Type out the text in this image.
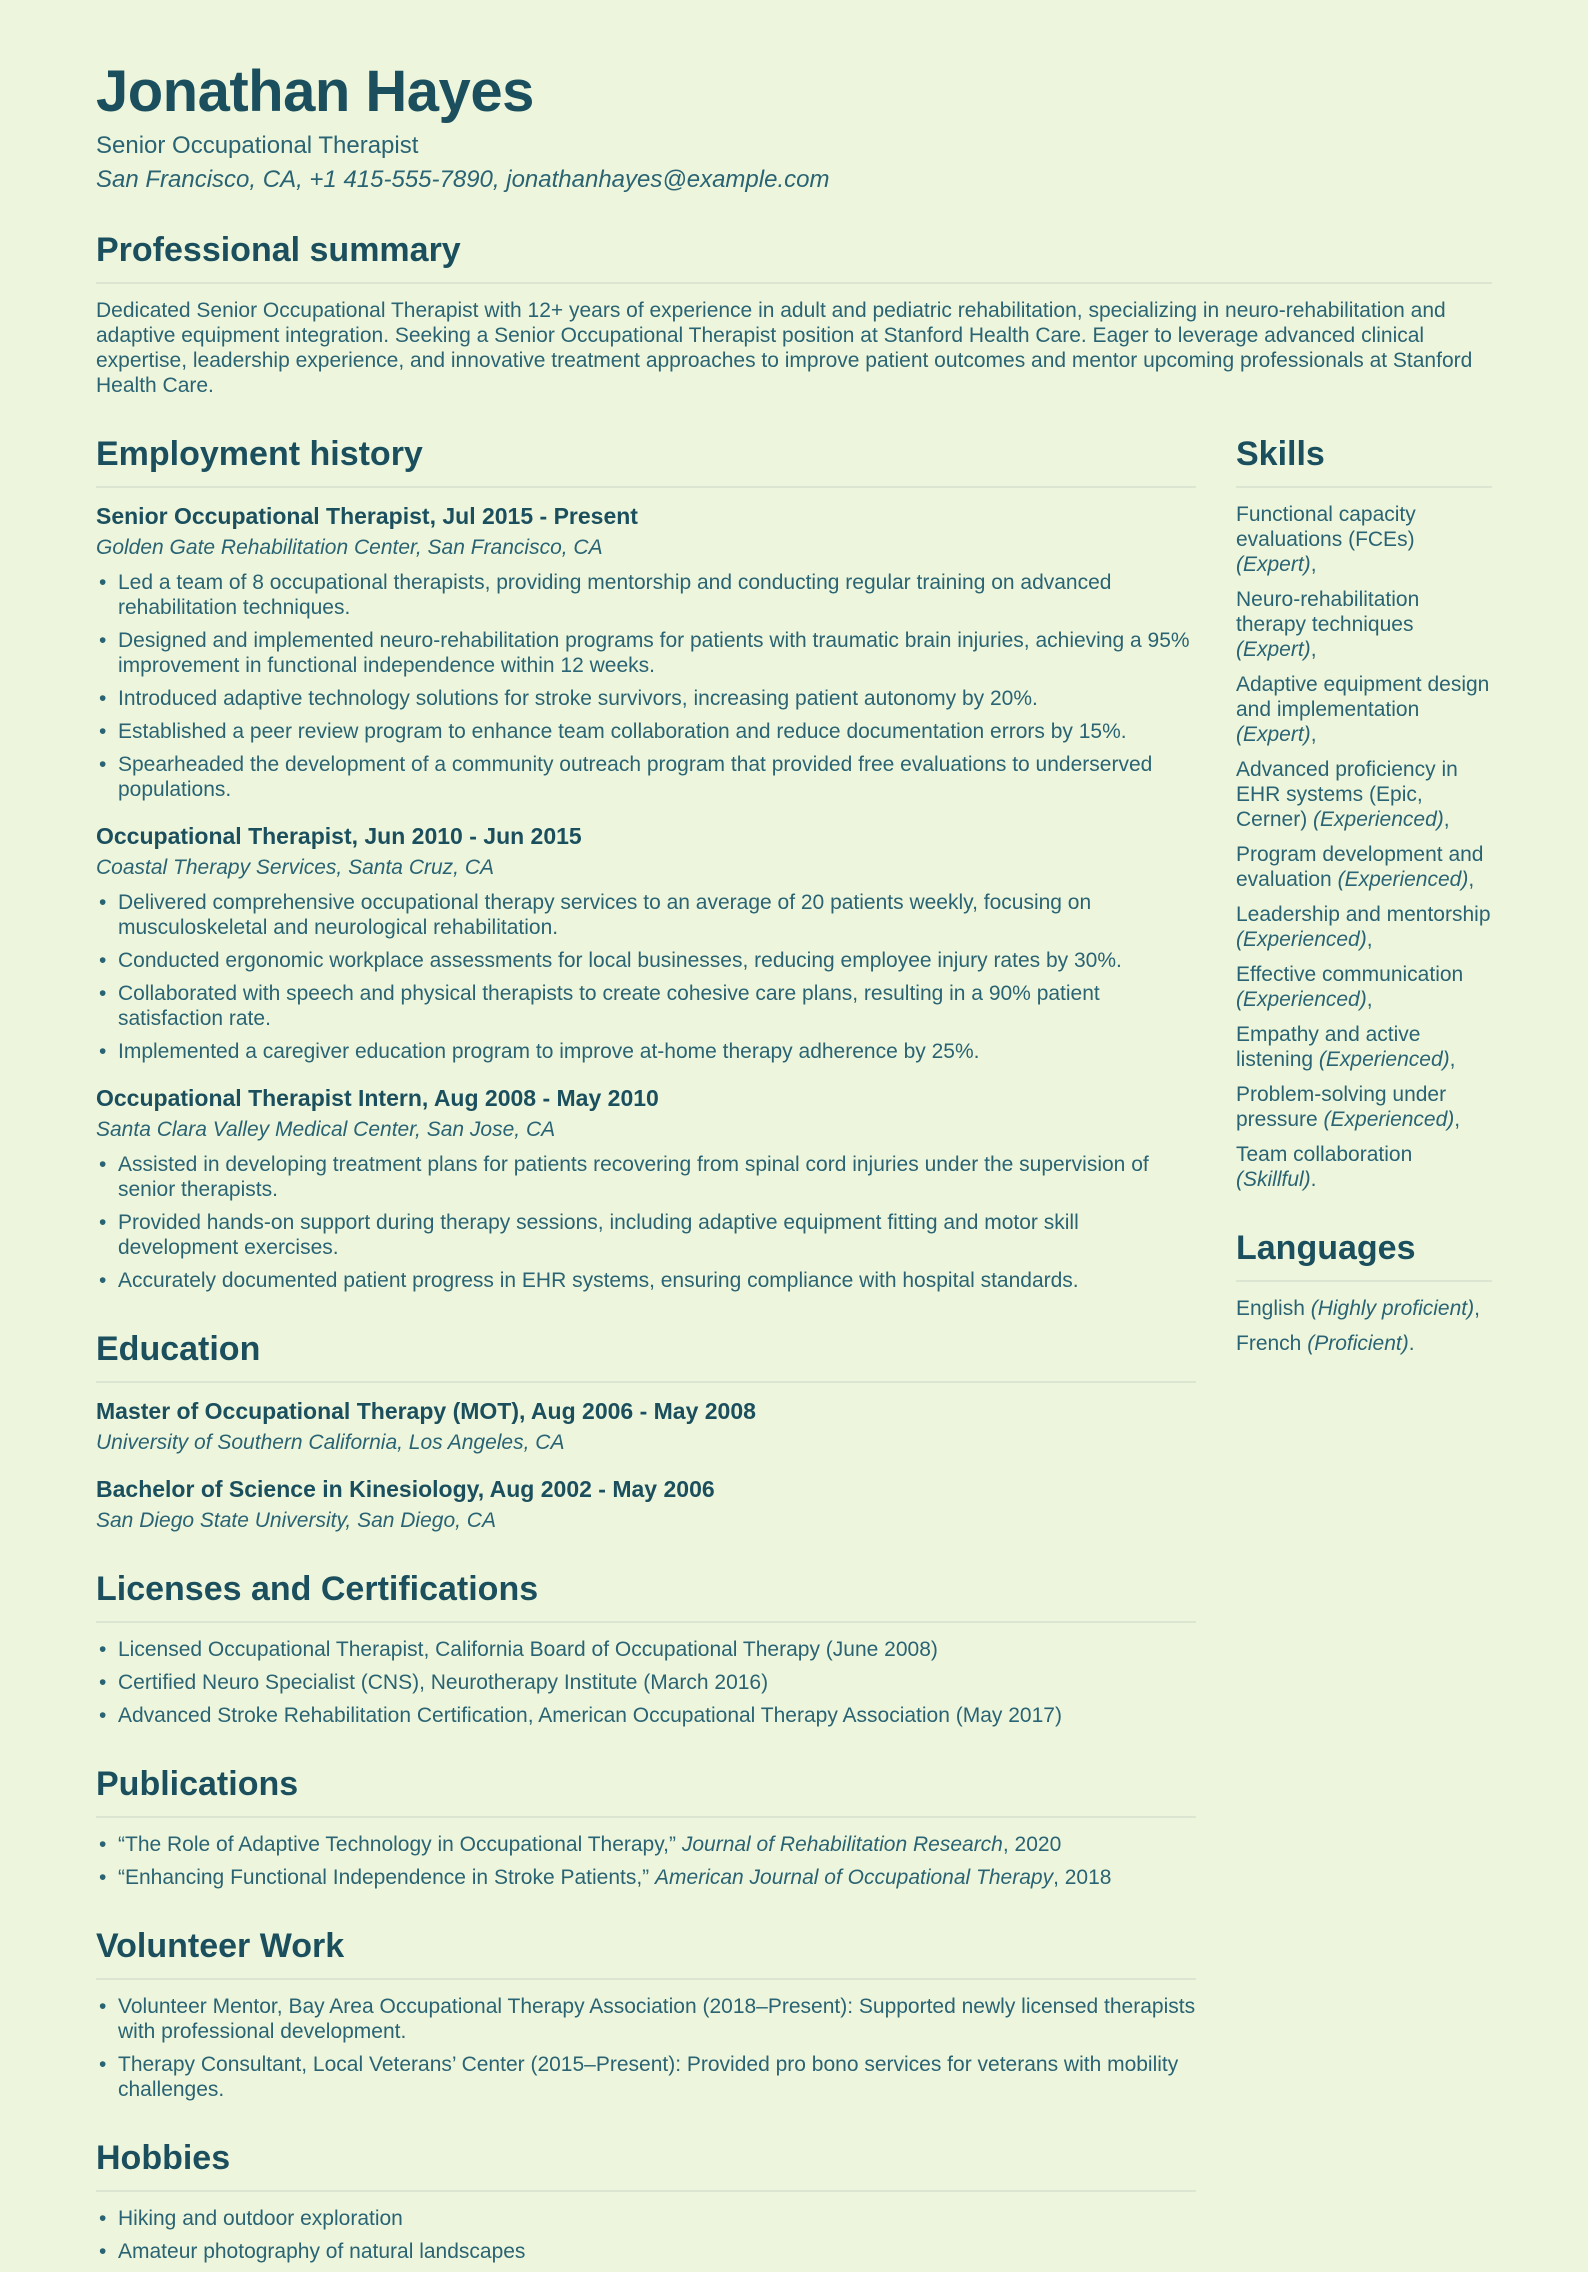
Jonathan Hayes
Senior Occupational Therapist
San Francisco, CA, +1 415-555-7890, jonathanhayes@example.com
Professional summary

Dedicated Senior Occupational Therapist with 12+ years of experience in adult and pediatric rehabilitation, specializing in neuro-rehabilitation and adaptive equipment integration. Seeking a Senior Occupational Therapist position at Stanford Health Care. Eager to leverage advanced clinical expertise, leadership experience, and innovative treatment approaches to improve patient outcomes and mentor upcoming professionals at Stanford Health Care.

Employment history
Senior Occupational Therapist, Jul 2015 - Present
Golden Gate Rehabilitation Center, San Francisco, CA
• Led a team of 8 occupational therapists, providing mentorship and conducting regular training on advanced rehabilitation techniques.
• Designed and implemented neuro-rehabilitation programs for patients with traumatic brain injuries, achieving a 95% improvement in functional independence within 12 weeks.
• Introduced adaptive technology solutions for stroke survivors, increasing patient autonomy by 20%.
• Established a peer review program to enhance team collaboration and reduce documentation errors by 15%.
• Spearheaded the development of a community outreach program that provided free evaluations to underserved populations.
Occupational Therapist, Jun 2010 - Jun 2015
Coastal Therapy Services, Santa Cruz, CA
• Delivered comprehensive occupational therapy services to an average of 20 patients weekly, focusing on musculoskeletal and neurological rehabilitation.
• Conducted ergonomic workplace assessments for local businesses, reducing employee injury rates by 30%.
• Collaborated with speech and physical therapists to create cohesive care plans, resulting in a 90% patient satisfaction rate.
• Implemented a caregiver education program to improve at-home therapy adherence by 25%.
Occupational Therapist Intern, Aug 2008 - May 2010
Santa Clara Valley Medical Center, San Jose, CA
• Assisted in developing treatment plans for patients recovering from spinal cord injuries under the supervision of senior therapists.
• Provided hands-on support during therapy sessions, including adaptive equipment fitting and motor skill development exercises.
• Accurately documented patient progress in EHR systems, ensuring compliance with hospital standards.
Education
Master of Occupational Therapy (MOT), Aug 2006 - May 2008
University of Southern California, Los Angeles, CA
Bachelor of Science in Kinesiology, Aug 2002 - May 2006
San Diego State University, San Diego, CA
Licenses and Certifications
• Licensed Occupational Therapist, California Board of Occupational Therapy (June 2008)
• Certified Neuro Specialist (CNS), Neurotherapy Institute (March 2016)
• Advanced Stroke Rehabilitation Certification, American Occupational Therapy Association (May 2017)
Publications
• “The Role of Adaptive Technology in Occupational Therapy,” Journal of Rehabilitation Research, 2020
• “Enhancing Functional Independence in Stroke Patients,” American Journal of Occupational Therapy, 2018
Volunteer Work
• Volunteer Mentor, Bay Area Occupational Therapy Association (2018–Present): Supported newly licensed therapists with professional development.
• Therapy Consultant, Local Veterans’ Center (2015–Present): Provided pro bono services for veterans with mobility challenges.
Hobbies
• Hiking and outdoor exploration
• Amateur photography of natural landscapes
Skills
Functional capacity evaluations (FCEs) (Expert),
Neuro-rehabilitation therapy techniques (Expert),
Adaptive equipment design and implementation (Expert),
Advanced proficiency in EHR systems (Epic, Cerner) (Experienced),
Program development and evaluation (Experienced),
Leadership and mentorship (Experienced),
Effective communication (Experienced),
Empathy and active listening (Experienced),
Problem-solving under pressure (Experienced),
Team collaboration (Skillful).
Languages
English (Highly proficient),
French (Proficient).
